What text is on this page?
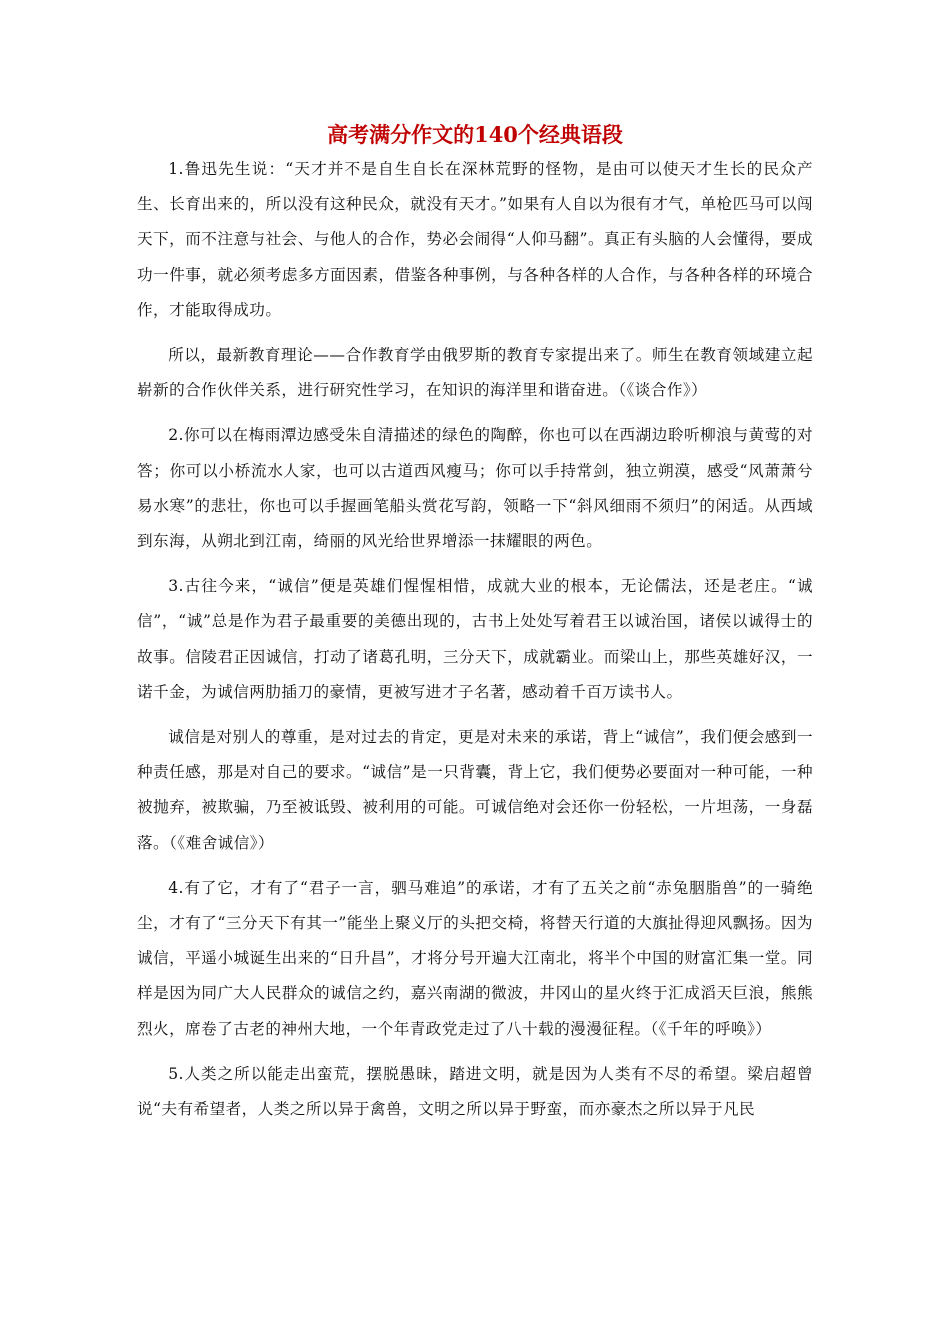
高考满分作文的140个经典语段
1.鲁迅先生说：“天才并不是自生自长在深林荒野的怪物，是由可以使天才生长的民众产生、长育出来的，所以没有这种民众，就没有天才。”如果有人自以为很有才气，单枪匹马可以闯天下，而不注意与社会、与他人的合作，势必会闹得“人仰马翻”。真正有头脑的人会懂得，要成功一件事，就必须考虑多方面因素，借鉴各种事例，与各种各样的人合作，与各种各样的环境合作，才能取得成功。
所以，最新教育理论——合作教育学由俄罗斯的教育专家提出来了。师生在教育领域建立起崭新的合作伙伴关系，进行研究性学习，在知识的海洋里和谐奋进。（《谈合作》）
2.你可以在梅雨潭边感受朱自清描述的绿色的陶醉，你也可以在西湖边聆听柳浪与黄莺的对答；你可以小桥流水人家，也可以古道西风瘦马；你可以手持常剑，独立朔漠，感受“风萧萧兮易水寒”的悲壮，你也可以手握画笔船头赏花写韵，领略一下“斜风细雨不须归”的闲适。从西域到东海，从朔北到江南，绮丽的风光给世界增添一抹耀眼的两色。
3.古往今来，“诚信”便是英雄们惺惺相惜，成就大业的根本，无论儒法，还是老庄。“诚信”，“诚”总是作为君子最重要的美德出现的，古书上处处写着君王以诚治国，诸侯以诚得士的故事。信陵君正因诚信，打动了诸葛孔明，三分天下，成就霸业。而梁山上，那些英雄好汉，一诺千金，为诚信两肋插刀的豪情，更被写进才子名著，感动着千百万读书人。
诚信是对别人的尊重，是对过去的肯定，更是对未来的承诺，背上“诚信”，我们便会感到一种责任感，那是对自己的要求。“诚信”是一只背囊，背上它，我们便势必要面对一种可能，一种被抛弃，被欺骗，乃至被诋毁、被利用的可能。可诚信绝对会还你一份轻松，一片坦荡，一身磊落。（《难舍诚信》）
4.有了它，才有了“君子一言，驷马难追”的承诺，才有了五关之前“赤兔胭脂兽”的一骑绝尘，才有了“三分天下有其一”能坐上聚义厅的头把交椅，将替天行道的大旗扯得迎风飘扬。因为诚信，平遥小城诞生出来的“日升昌”，才将分号开遍大江南北，将半个中国的财富汇集一堂。同样是因为同广大人民群众的诚信之约，嘉兴南湖的微波，井冈山的星火终于汇成滔天巨浪，熊熊烈火，席卷了古老的神州大地，一个年青政党走过了八十载的漫漫征程。（《千年的呼唤》）
5.人类之所以能走出蛮荒，摆脱愚昧，踏进文明，就是因为人类有不尽的希望。梁启超曾说“夫有希望者，人类之所以异于禽兽，文明之所以异于野蛮，而亦豪杰之所以异于凡民
